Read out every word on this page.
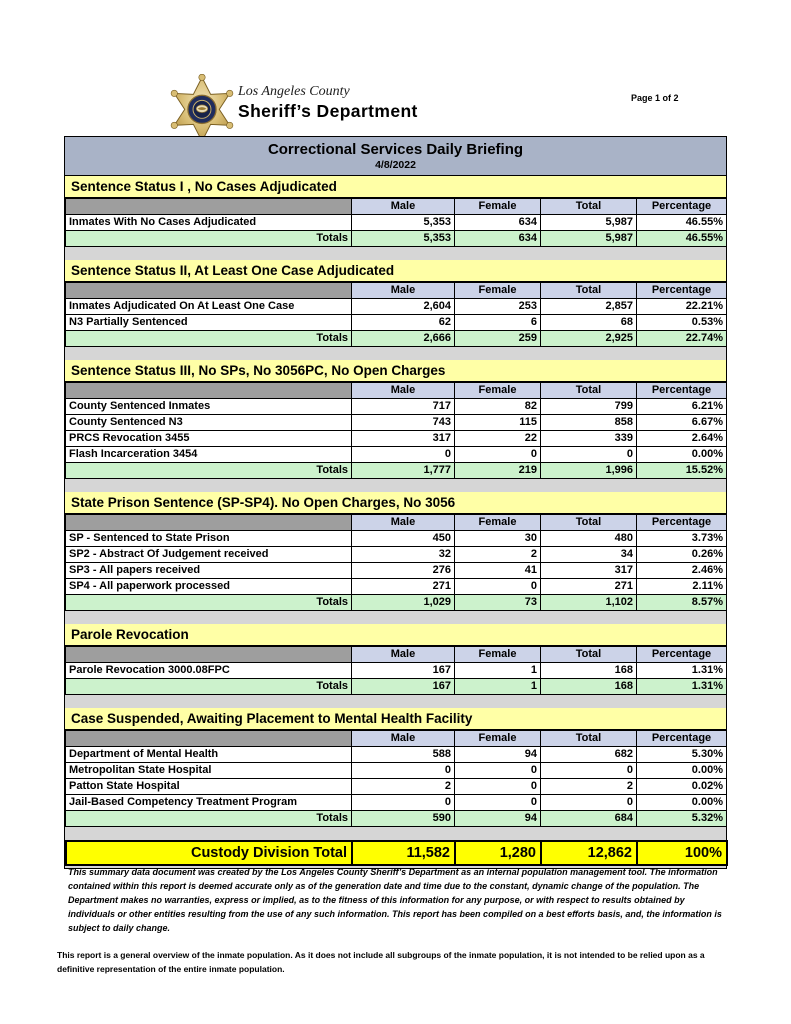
Los Angeles County
Sheriff’s Department
Page 1 of 2
Correctional Services Daily Briefing
4/8/2022
Sentence Status I , No Cases Adjudicated
	Male	Female	Total	Percentage
Inmates With No Cases Adjudicated	5,353	634	5,987	46.55%
Totals	5,353	634	5,987	46.55%
Sentence Status II, At Least One Case Adjudicated
	Male	Female	Total	Percentage
Inmates Adjudicated On At Least One Case	2,604	253	2,857	22.21%
N3 Partially Sentenced	62	6	68	0.53%
Totals	2,666	259	2,925	22.74%
Sentence Status III, No SPs, No 3056PC, No Open Charges
	Male	Female	Total	Percentage
County Sentenced Inmates	717	82	799	6.21%
County Sentenced N3	743	115	858	6.67%
PRCS Revocation 3455	317	22	339	2.64%
Flash Incarceration 3454	0	0	0	0.00%
Totals	1,777	219	1,996	15.52%
State Prison Sentence (SP-SP4). No Open Charges, No 3056
	Male	Female	Total	Percentage
SP - Sentenced to State Prison	450	30	480	3.73%
SP2 - Abstract Of Judgement received	32	2	34	0.26%
SP3 - All papers received	276	41	317	2.46%
SP4 - All paperwork processed	271	0	271	2.11%
Totals	1,029	73	1,102	8.57%
Parole Revocation
	Male	Female	Total	Percentage
Parole Revocation 3000.08FPC	167	1	168	1.31%
Totals	167	1	168	1.31%
Case Suspended, Awaiting Placement to Mental Health Facility
	Male	Female	Total	Percentage
Department of Mental Health	588	94	682	5.30%
Metropolitan State Hospital	0	0	0	0.00%
Patton State Hospital	2	0	2	0.02%
Jail-Based Competency Treatment Program	0	0	0	0.00%
Totals	590	94	684	5.32%
Custody Division Total	11,582	1,280	12,862	100%

This summary data document was created by the Los Angeles County Sheriff’s Department as an internal population management tool. The information contained within this report is deemed accurate only as of the generation date and time due to the constant, dynamic change of the population. The Department makes no warranties, express or implied, as to the fitness of this information for any purpose, or with respect to results obtained by individuals or other entities resulting from the use of any such information. This report has been compiled on a best efforts basis, and, the information is subject to daily change.

This report is a general overview of the inmate population. As it does not include all subgroups of the inmate population, it is not intended to be relied upon as a definitive representation of the entire inmate population.
